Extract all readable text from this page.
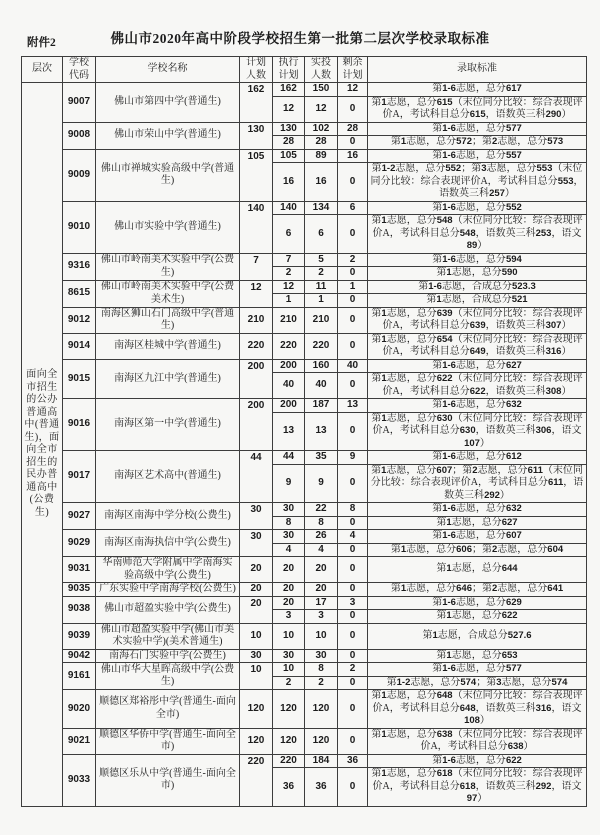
附件2	佛山市2020年高中阶段学校招生第一批第二层次学校录取标准
层次	学校代码	学校名称	计划人数	执行计划	实投人数	剩余计划	录取标准
面向全市招生的公办普通高中(普通生)，面向全市招生的民办普通高中(公费生)	9007	佛山市第四中学(普通生)	162	162	150	12	第1-6志愿，总分617
				12	12	0	第1志愿，总分615（末位同分比较：综合表现评价A，考试科目总分615，语数英三科290）
	9008	佛山市荣山中学(普通生)	130	130	102	28	第1-6志愿，总分577
				28	28	0	第1志愿，总分572；第2志愿，总分573
	9009	佛山市禅城实验高级中学(普通生)	105	105	89	16	第1-6志愿，总分557
				16	16	0	第1-2志愿，总分552；第3志愿，总分553（末位同分比较：综合表现评价A，考试科目总分553，语数英三科257）
	9010	佛山市实验中学(普通生)	140	140	134	6	第1-6志愿，总分552
				6	6	0	第1志愿，总分548（末位同分比较：综合表现评价A，考试科目总分548，语数英三科253，语文89）
	9316	佛山市岭南美术实验中学(公费生)	7	7	5	2	第1-6志愿，总分594
				2	2	0	第1志愿，总分590
	8615	佛山市岭南美术实验中学(公费美术生)	12	12	11	1	第1-6志愿，合成总分523.3
				1	1	0	第1志愿，合成总分521
	9012	南海区狮山石门高级中学(普通生)	210	210	210	0	第1志愿，总分639（末位同分比较：综合表现评价A，考试科目总分639，语数英三科307）
	9014	南海区桂城中学(普通生)	220	220	220	0	第1志愿，总分654（末位同分比较：综合表现评价A，考试科目总分649，语数英三科316）
	9015	南海区九江中学(普通生)	200	200	160	40	第1-6志愿，总分627
				40	40	0	第1志愿，总分622（末位同分比较：综合表现评价A，考试科目总分622，语数英三科308）
	9016	南海区第一中学(普通生)	200	200	187	13	第1-6志愿，总分632
				13	13	0	第1志愿，总分630（末位同分比较：综合表现评价A，考试科目总分630，语数英三科306，语文107）
	9017	南海区艺术高中(普通生)	44	44	35	9	第1-6志愿，总分612
				9	9	0	第1志愿，总分607；第2志愿，总分611（末位同分比较：综合表现评价A，考试科目总分611，语数英三科292）
	9027	南海区南海中学分校(公费生)	30	30	22	8	第1-6志愿，总分632
				8	8	0	第1志愿，总分627
	9029	南海区南海执信中学(公费生)	30	30	26	4	第1-6志愿，总分607
				4	4	0	第1志愿，总分606；第2志愿，总分604
	9031	华南师范大学附属中学南海实验高级中学(公费生)	20	20	20	0	第1志愿，总分644
	9035	广东实验中学南海学校(公费生)	20	20	20	0	第1志愿，总分646；第2志愿，总分641
	9038	佛山市超盈实验中学(公费生)	20	20	17	3	第1-6志愿，总分629
				3	3	0	第1志愿，总分622
	9039	佛山市超盈实验中学(佛山市美术实验中学)(美术普通生)	10	10	10	0	第1志愿，合成总分527.6
	9042	南海石门实验中学(公费生)	30	30	30	0	第1志愿，总分653
	9161	佛山市华大星晖高级中学(公费生)	10	10	8	2	第1-6志愿，总分577
				2	2	0	第1-2志愿，总分574；第3志愿，总分574
	9020	顺德区郑裕彤中学(普通生-面向全市)	120	120	120	0	第1志愿，总分648（末位同分比较：综合表现评价A，考试科目总分648，语数英三科316，语文108）
	9021	顺德区华侨中学(普通生-面向全市)	120	120	120	0	第1志愿，总分638（末位同分比较：综合表现评价A，考试科目总分638）
	9033	顺德区乐从中学(普通生-面向全市)	220	220	184	36	第1-6志愿，总分622
				36	36	0	第1志愿，总分618（末位同分比较：综合表现评价A，考试科目总分618，语数英三科292，语文97）
